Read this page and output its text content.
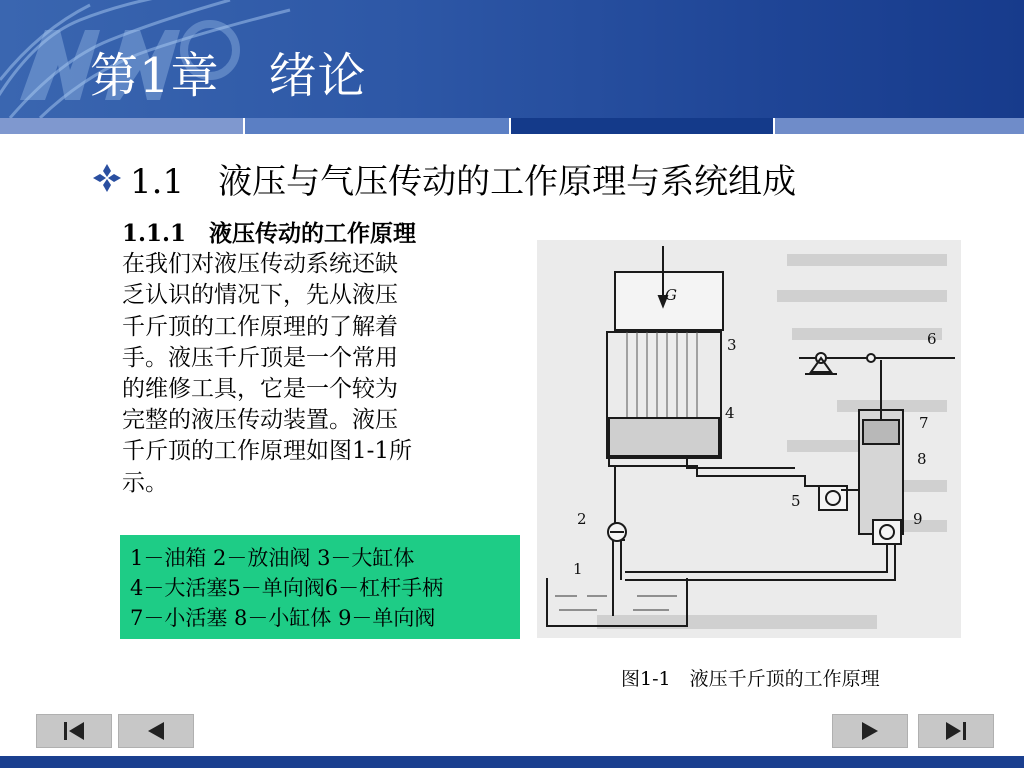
第1章　绪论
1.1　液压与气压传动的工作原理与系统组成
1.1.1　液压传动的工作原理
在我们对液压传动系统还缺
乏认识的情况下，先从液压
千斤顶的工作原理的了解着
手。液压千斤顶是一个常用
的维修工具，它是一个较为
完整的液压传动装置。液压
千斤顶的工作原理如图1-1所
示。
1－油箱 2－放油阀 3－大缸体
4－大活塞5－单向阀6－杠杆手柄
7－小活塞 8－小缸体 9－单向阀
G
3
4
6
7
8
5
9
2
1
图1-1　液压千斤顶的工作原理
